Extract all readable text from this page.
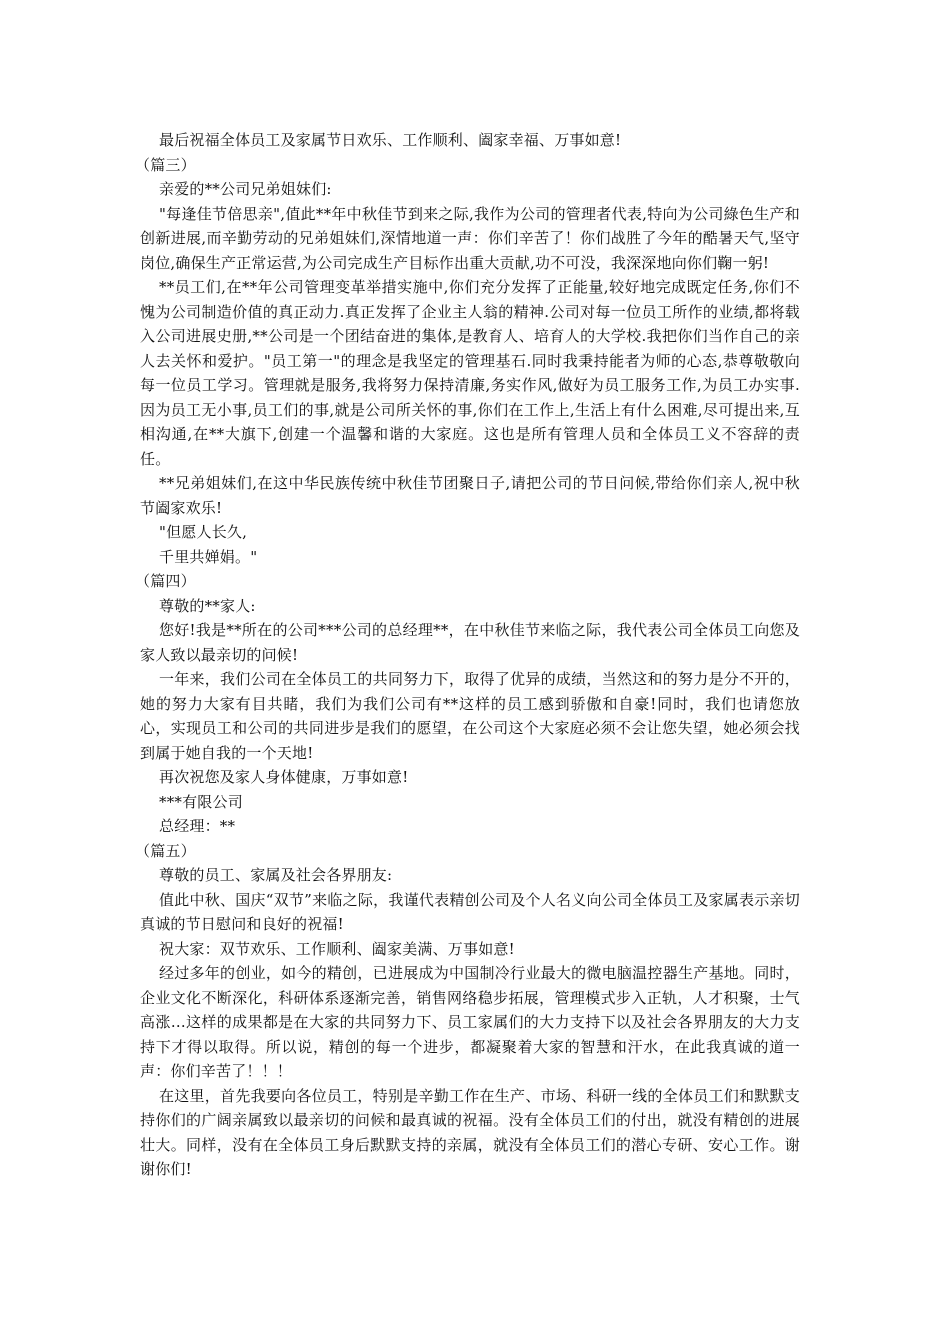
最后祝福全体员工及家属节日欢乐、工作顺利、阖家幸福、万事如意!

（篇三）

亲爱的**公司兄弟姐妹们:

"每逢佳节倍思亲",值此**年中秋佳节到来之际,我作为公司的管理者代表,特向为公司綠色生产和创新进展,而辛勤劳动的兄弟姐妹们,深情地道一声：你们辛苦了！你们战胜了今年的酷暑天气,坚守岗位,确保生产正常运营,为公司完成生产目标作出重大贡献,功不可没，我深深地向你们鞠一躬!

**员工们,在**年公司管理变革举措实施中,你们充分发挥了正能量,较好地完成既定任务,你们不愧为公司制造价值的真正动力.真正发挥了企业主人翁的精神.公司对每一位员工所作的业绩,都将载入公司进展史册,**公司是一个团结奋进的集体,是教育人、培育人的大学校.我把你们当作自己的亲人去关怀和爱护。"员工第一"的理念是我坚定的管理基石.同时我秉持能者为师的心态,恭尊敬敬向每一位员工学习。管理就是服务,我将努力保持清廉,务实作风,做好为员工服务工作,为员工办实事.因为员工无小事,员工们的事,就是公司所关怀的事,你们在工作上,生活上有什么困难,尽可提出来,互相沟通,在**大旗下,创建一个温馨和谐的大家庭。这也是所有管理人员和全体员工义不容辞的责任。

**兄弟姐妹们,在这中华民族传统中秋佳节团聚日子,请把公司的节日问候,带给你们亲人,祝中秋节阖家欢乐!

"但愿人长久,

千里共婵娟。"

（篇四）

尊敬的**家人:

您好!我是**所在的公司***公司的总经理**，在中秋佳节来临之际，我代表公司全体员工向您及家人致以最亲切的问候!

一年来，我们公司在全体员工的共同努力下，取得了优异的成绩，当然这和的努力是分不开的，她的努力大家有目共睹，我们为我们公司有**这样的员工感到骄傲和自豪!同时，我们也请您放心，实现员工和公司的共同进步是我们的愿望，在公司这个大家庭必须不会让您失望，她必须会找到属于她自我的一个天地!

再次祝您及家人身体健康，万事如意!

***有限公司

总经理：**

（篇五）

尊敬的员工、家属及社会各界朋友:

值此中秋、国庆“双节”来临之际，我谨代表精创公司及个人名义向公司全体员工及家属表示亲切真诚的节日慰问和良好的祝福!

祝大家：双节欢乐、工作顺利、阖家美满、万事如意!

经过多年的创业，如今的精创，已进展成为中国制冷行业最大的微电脑温控器生产基地。同时，企业文化不断深化，科研体系逐渐完善，销售网络稳步拓展，管理模式步入正轨，人才积聚，士气高涨…这样的成果都是在大家的共同努力下、员工家属们的大力支持下以及社会各界朋友的大力支持下才得以取得。所以说，精创的每一个进步，都凝聚着大家的智慧和汗水，在此我真诚的道一声：你们辛苦了！！！

在这里，首先我要向各位员工，特别是辛勤工作在生产、市场、科研一线的全体员工们和默默支持你们的广阔亲属致以最亲切的问候和最真诚的祝福。没有全体员工们的付出，就没有精创的进展壮大。同样，没有在全体员工身后默默支持的亲属，就没有全体员工们的潜心专研、安心工作。谢谢你们!
